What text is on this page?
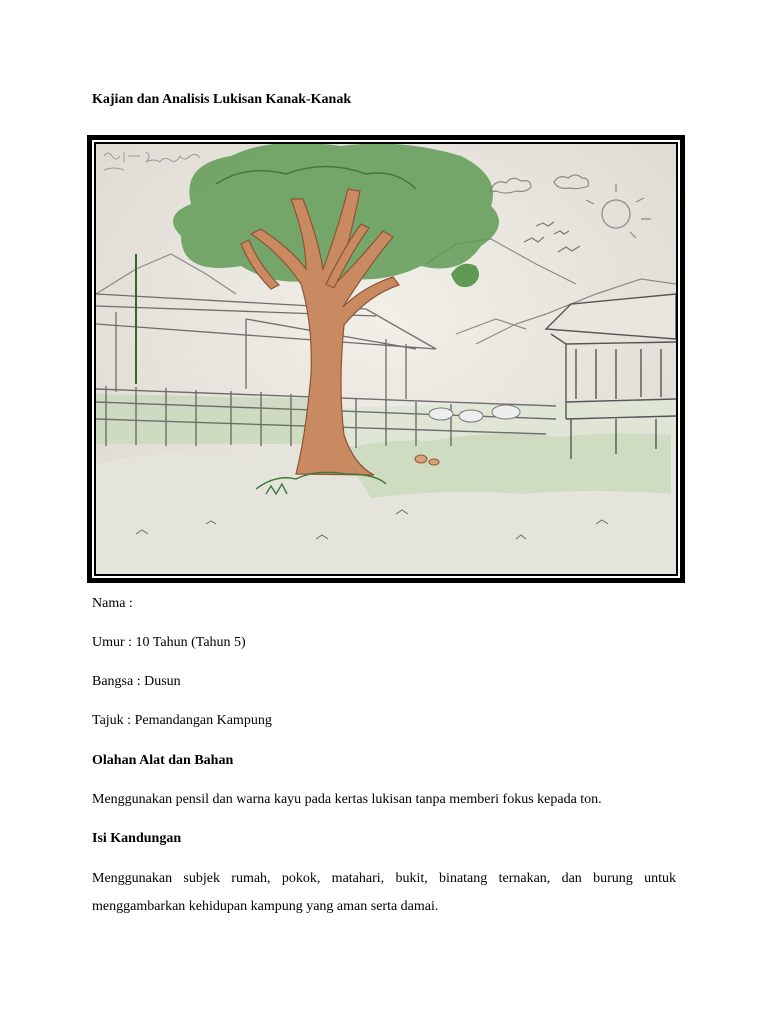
Kajian dan Analisis Lukisan Kanak-Kanak
Nama :
Umur : 10 Tahun (Tahun 5)
Bangsa : Dusun
Tajuk : Pemandangan Kampung
Olahan Alat dan Bahan
Menggunakan pensil dan warna kayu pada kertas lukisan tanpa memberi fokus kepada ton.
Isi Kandungan
Menggunakan subjek rumah, pokok, matahari, bukit, binatang ternakan, dan burung untuk menggambarkan kehidupan kampung yang aman serta damai.
